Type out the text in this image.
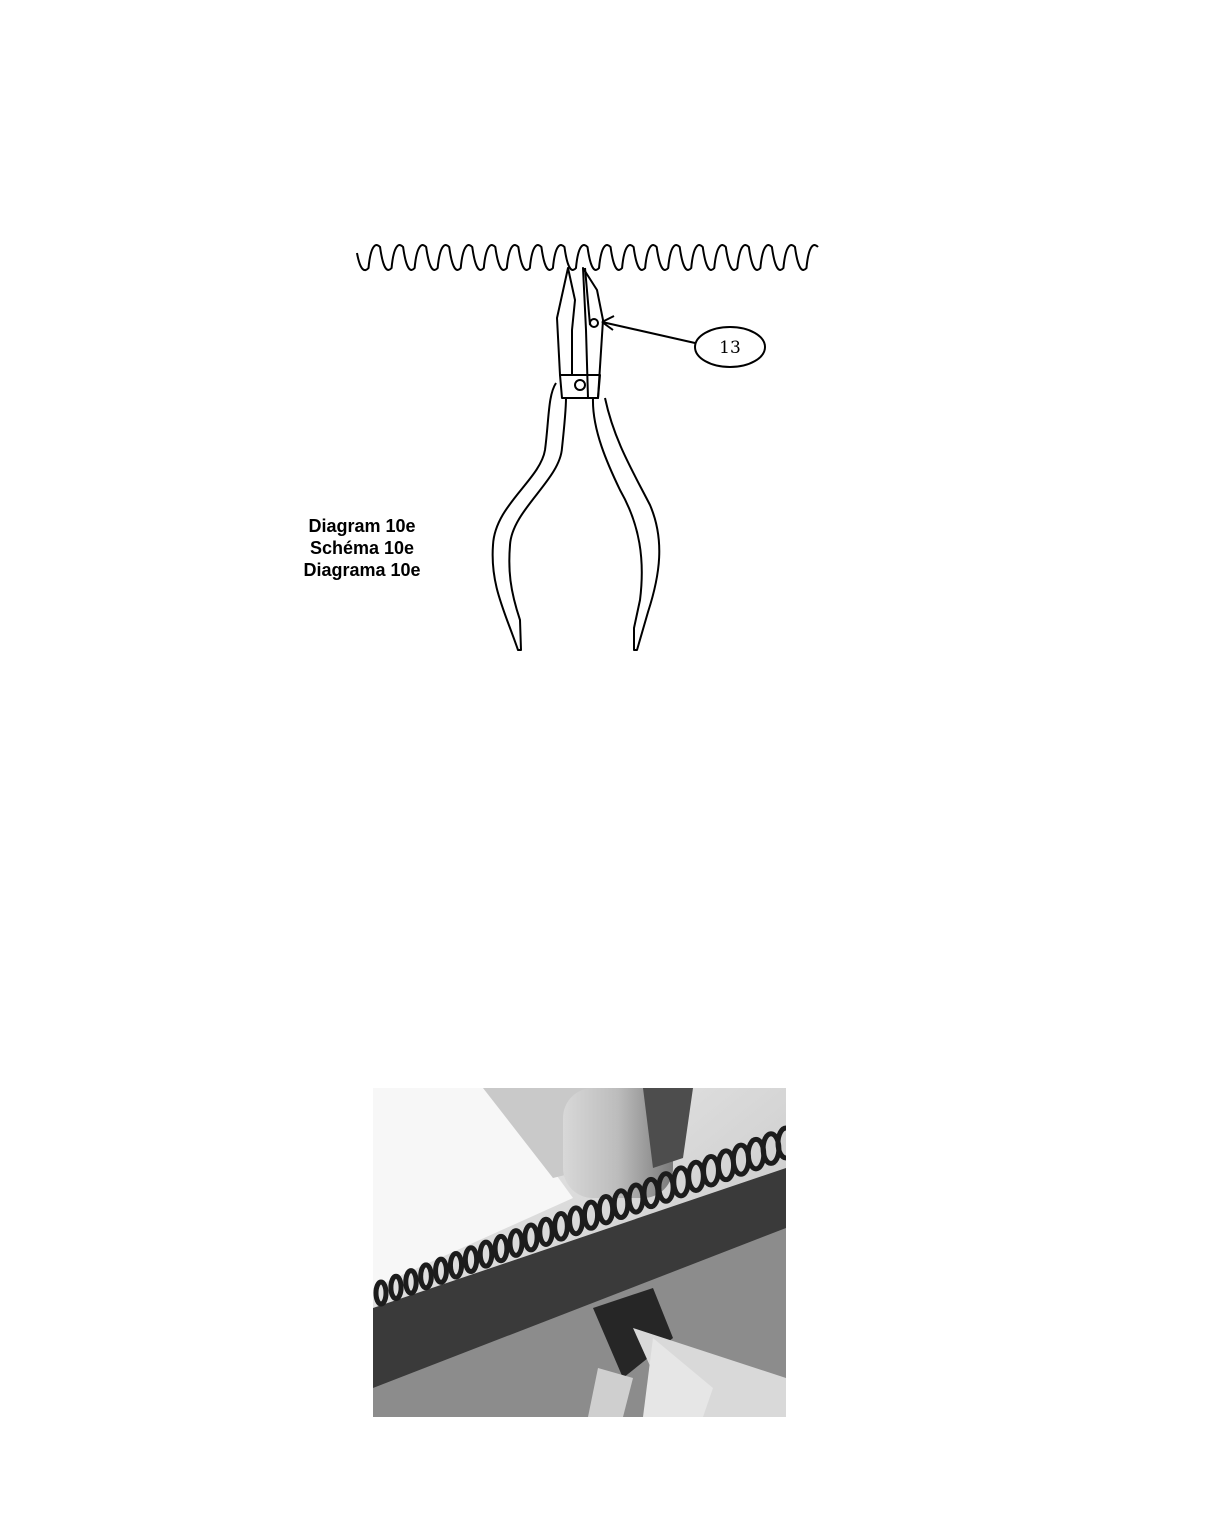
13
Diagram 10e
Schéma 10e
Diagrama 10e
